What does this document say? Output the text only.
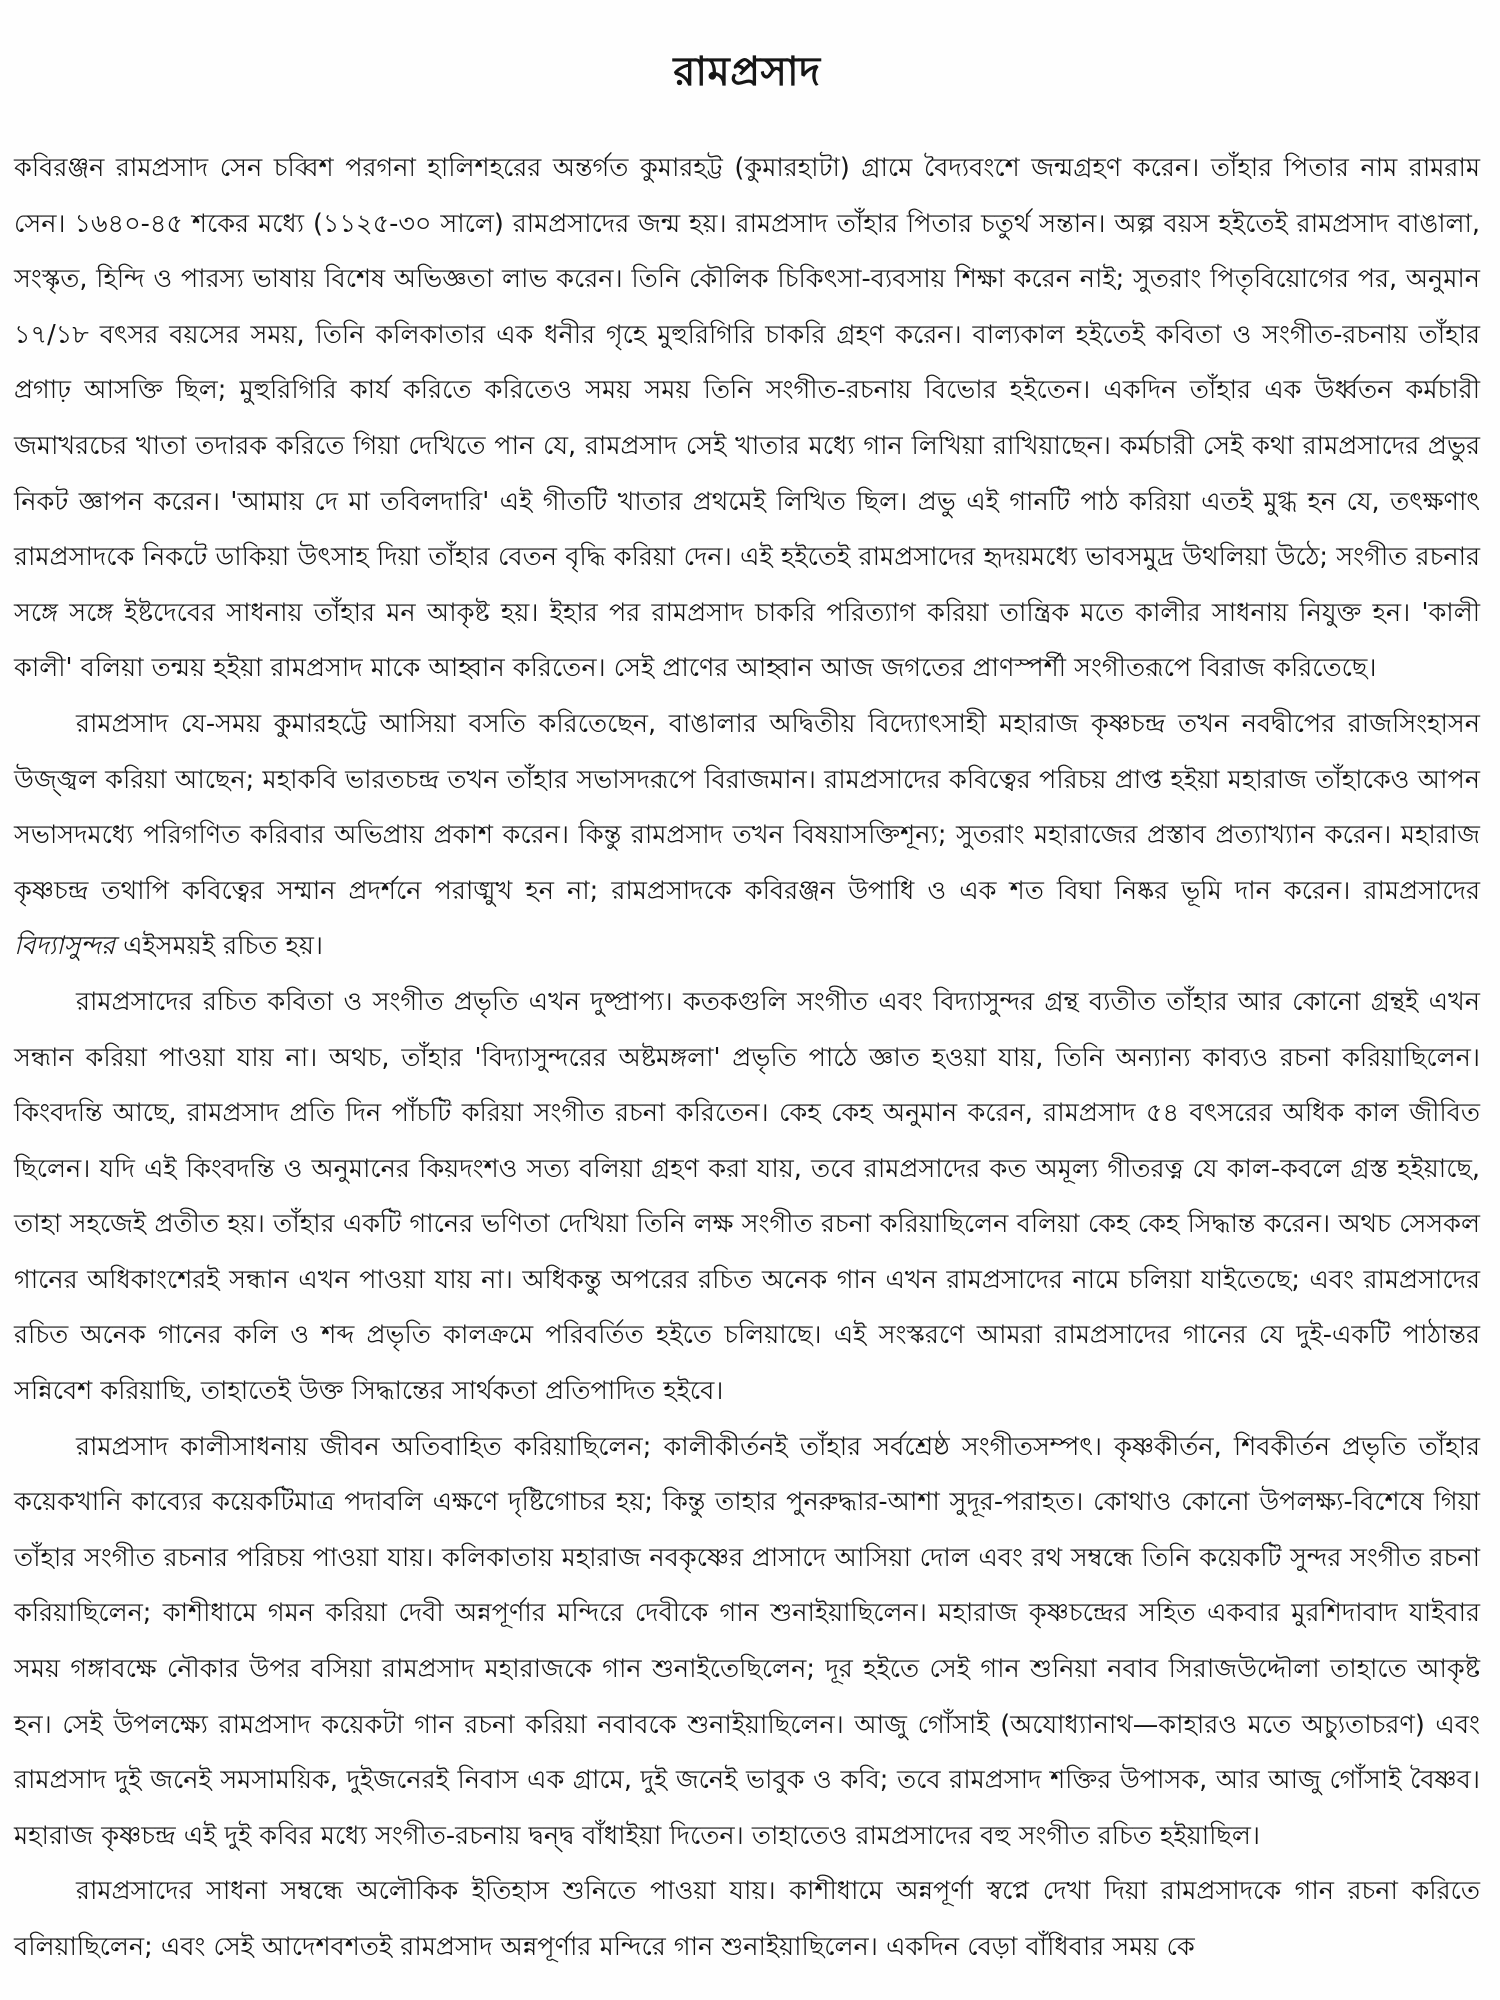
রামপ্রসাদ

কবিরঞ্জন রামপ্রসাদ সেন চব্বিশ পরগনা হালিশহরের অন্তর্গত কুমারহট্ট (কুমারহাটা) গ্রামে বৈদ্যবংশে জন্মগ্রহণ করেন। তাঁহার পিতার নাম রামরাম সেন। ১৬৪০-৪৫ শকের মধ্যে (১১২৫-৩০ সালে) রামপ্রসাদের জন্ম হয়। রামপ্রসাদ তাঁহার পিতার চতুর্থ সন্তান। অল্প বয়স হইতেই রামপ্রসাদ বাঙালা, সংস্কৃত, হিন্দি ও পারস্য ভাষায় বিশেষ অভিজ্ঞতা লাভ করেন। তিনি কৌলিক চিকিৎসা-ব্যবসায় শিক্ষা করেন নাই; সুতরাং পিতৃবিয়োগের পর, অনুমান ১৭/১৮ বৎসর বয়সের সময়, তিনি কলিকাতার এক ধনীর গৃহে মুহুরিগিরি চাকরি গ্রহণ করেন। বাল্যকাল হইতেই কবিতা ও সংগীত-রচনায় তাঁহার প্রগাঢ় আসক্তি ছিল; মুহুরিগিরি কার্য করিতে করিতেও সময় সময় তিনি সংগীত-রচনায় বিভোর হইতেন। একদিন তাঁহার এক উর্ধ্বতন কর্মচারী জমাখরচের খাতা তদারক করিতে গিয়া দেখিতে পান যে, রামপ্রসাদ সেই খাতার মধ্যে গান লিখিয়া রাখিয়াছেন। কর্মচারী সেই কথা রামপ্রসাদের প্রভুর নিকট জ্ঞাপন করেন। 'আমায় দে মা তবিলদারি' এই গীতটি খাতার প্রথমেই লিখিত ছিল। প্রভু এই গানটি পাঠ করিয়া এতই মুগ্ধ হন যে, তৎক্ষণাৎ রামপ্রসাদকে নিকটে ডাকিয়া উৎসাহ দিয়া তাঁহার বেতন বৃদ্ধি করিয়া দেন। এই হইতেই রামপ্রসাদের হৃদয়মধ্যে ভাবসমুদ্র উথলিয়া উঠে; সংগীত রচনার সঙ্গে সঙ্গে ইষ্টদেবের সাধনায় তাঁহার মন আকৃষ্ট হয়। ইহার পর রামপ্রসাদ চাকরি পরিত্যাগ করিয়া তান্ত্রিক মতে কালীর সাধনায় নিযুক্ত হন। 'কালী কালী' বলিয়া তন্ময় হইয়া রামপ্রসাদ মাকে আহ্বান করিতেন। সেই প্রাণের আহ্বান আজ জগতের প্রাণস্পর্শী সংগীতরূপে বিরাজ করিতেছে।

রামপ্রসাদ যে-সময় কুমারহট্টে আসিয়া বসতি করিতেছেন, বাঙালার অদ্বিতীয় বিদ্যোৎসাহী মহারাজ কৃষ্ণচন্দ্র তখন নবদ্বীপের রাজসিংহাসন উজ্জ্বল করিয়া আছেন; মহাকবি ভারতচন্দ্র তখন তাঁহার সভাসদরূপে বিরাজমান। রামপ্রসাদের কবিত্বের পরিচয় প্রাপ্ত হইয়া মহারাজ তাঁহাকেও আপন সভাসদমধ্যে পরিগণিত করিবার অভিপ্রায় প্রকাশ করেন। কিন্তু রামপ্রসাদ তখন বিষয়াসক্তিশূন্য; সুতরাং মহারাজের প্রস্তাব প্রত্যাখ্যান করেন। মহারাজ কৃষ্ণচন্দ্র তথাপি কবিত্বের সম্মান প্রদর্শনে পরাঙ্মুখ হন না; রামপ্রসাদকে কবিরঞ্জন উপাধি ও এক শত বিঘা নিষ্কর ভূমি দান করেন। রামপ্রসাদের বিদ্যাসুন্দর এইসময়ই রচিত হয়।

রামপ্রসাদের রচিত কবিতা ও সংগীত প্রভৃতি এখন দুষ্প্রাপ্য। কতকগুলি সংগীত এবং বিদ্যাসুন্দর গ্রন্থ ব্যতীত তাঁহার আর কোনো গ্রন্থই এখন সন্ধান করিয়া পাওয়া যায় না। অথচ, তাঁহার 'বিদ্যাসুন্দরের অষ্টমঙ্গলা' প্রভৃতি পাঠে জ্ঞাত হওয়া যায়, তিনি অন্যান্য কাব্যও রচনা করিয়াছিলেন। কিংবদন্তি আছে, রামপ্রসাদ প্রতি দিন পাঁচটি করিয়া সংগীত রচনা করিতেন। কেহ কেহ অনুমান করেন, রামপ্রসাদ ৫৪ বৎসরের অধিক কাল জীবিত ছিলেন। যদি এই কিংবদন্তি ও অনুমানের কিয়দংশও সত্য বলিয়া গ্রহণ করা যায়, তবে রামপ্রসাদের কত অমূল্য গীতরত্ন যে কাল-কবলে গ্রস্ত হইয়াছে, তাহা সহজেই প্রতীত হয়। তাঁহার একটি গানের ভণিতা দেখিয়া তিনি লক্ষ সংগীত রচনা করিয়াছিলেন বলিয়া কেহ কেহ সিদ্ধান্ত করেন। অথচ সেসকল গানের অধিকাংশেরই সন্ধান এখন পাওয়া যায় না। অধিকন্তু অপরের রচিত অনেক গান এখন রামপ্রসাদের নামে চলিয়া যাইতেছে; এবং রামপ্রসাদের রচিত অনেক গানের কলি ও শব্দ প্রভৃতি কালক্রমে পরিবর্তিত হইতে চলিয়াছে। এই সংস্করণে আমরা রামপ্রসাদের গানের যে দুই-একটি পাঠান্তর সন্নিবেশ করিয়াছি, তাহাতেই উক্ত সিদ্ধান্তের সার্থকতা প্রতিপাদিত হইবে।

রামপ্রসাদ কালীসাধনায় জীবন অতিবাহিত করিয়াছিলেন; কালীকীর্তনই তাঁহার সর্বশ্রেষ্ঠ সংগীতসম্পৎ। কৃষ্ণকীর্তন, শিবকীর্তন প্রভৃতি তাঁহার কয়েকখানি কাব্যের কয়েকটিমাত্র পদাবলি এক্ষণে দৃষ্টিগোচর হয়; কিন্তু তাহার পুনরুদ্ধার-আশা সুদূর-পরাহত। কোথাও কোনো উপলক্ষ্য-বিশেষে গিয়া তাঁহার সংগীত রচনার পরিচয় পাওয়া যায়। কলিকাতায় মহারাজ নবকৃষ্ণের প্রাসাদে আসিয়া দোল এবং রথ সম্বন্ধে তিনি কয়েকটি সুন্দর সংগীত রচনা করিয়াছিলেন; কাশীধামে গমন করিয়া দেবী অন্নপূর্ণার মন্দিরে দেবীকে গান শুনাইয়াছিলেন। মহারাজ কৃষ্ণচন্দ্রের সহিত একবার মুরশিদাবাদ যাইবার সময় গঙ্গাবক্ষে নৌকার উপর বসিয়া রামপ্রসাদ মহারাজকে গান শুনাইতেছিলেন; দূর হইতে সেই গান শুনিয়া নবাব সিরাজউদ্দৌলা তাহাতে আকৃষ্ট হন। সেই উপলক্ষ্যে রামপ্রসাদ কয়েকটা গান রচনা করিয়া নবাবকে শুনাইয়াছিলেন। আজু গোঁসাই (অযোধ্যানাথ—কাহারও মতে অচ্যুতাচরণ) এবং রামপ্রসাদ দুই জনেই সমসাময়িক, দুইজনেরই নিবাস এক গ্রামে, দুই জনেই ভাবুক ও কবি; তবে রামপ্রসাদ শক্তির উপাসক, আর আজু গোঁসাই বৈষ্ণব। মহারাজ কৃষ্ণচন্দ্র এই দুই কবির মধ্যে সংগীত-রচনায় দ্বন্দ্ব বাঁধাইয়া দিতেন। তাহাতেও রামপ্রসাদের বহু সংগীত রচিত হইয়াছিল।

রামপ্রসাদের সাধনা সম্বন্ধে অলৌকিক ইতিহাস শুনিতে পাওয়া যায়। কাশীধামে অন্নপূর্ণা স্বপ্নে দেখা দিয়া রামপ্রসাদকে গান রচনা করিতে বলিয়াছিলেন; এবং সেই আদেশবশতই রামপ্রসাদ অন্নপূর্ণার মন্দিরে গান শুনাইয়াছিলেন। একদিন বেড়া বাঁধিবার সময় কে
